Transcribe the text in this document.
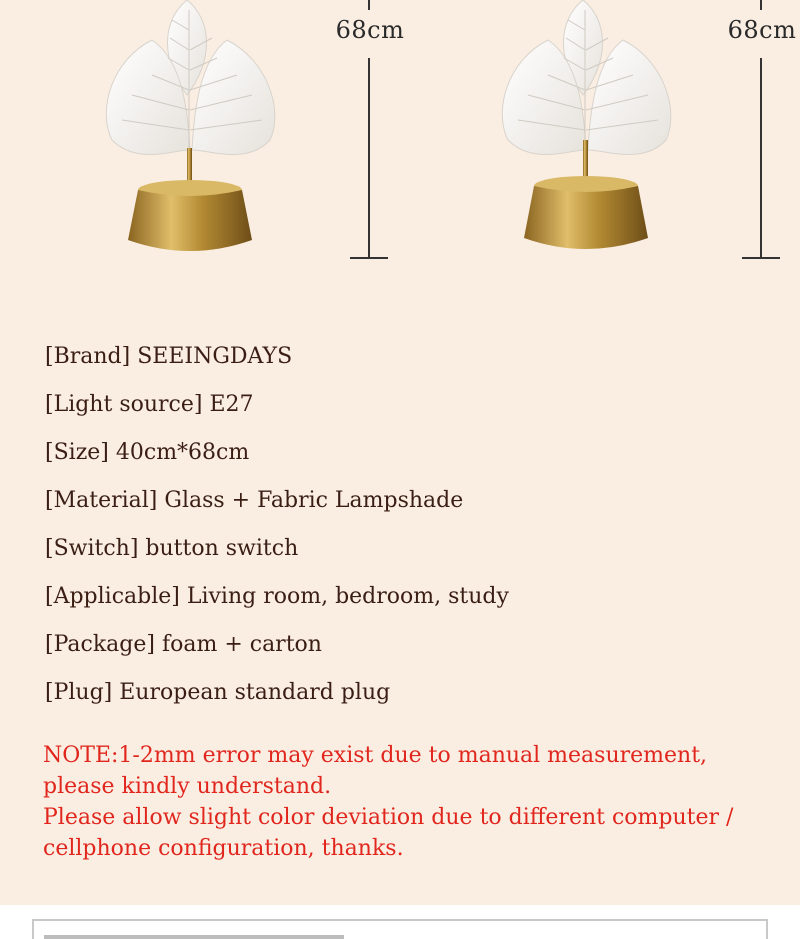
68cm	68cm
[Brand] SEEINGDAYS
[Light source] E27
[Size] 40cm*68cm
[Material] Glass + Fabric Lampshade
[Switch] button switch
[Applicable] Living room, bedroom, study
[Package] foam + carton
[Plug] European standard plug

NOTE:1-2mm error may exist due to manual measurement,

please kindly understand.

Please allow slight color deviation due to different computer /

cellphone configuration, thanks.
